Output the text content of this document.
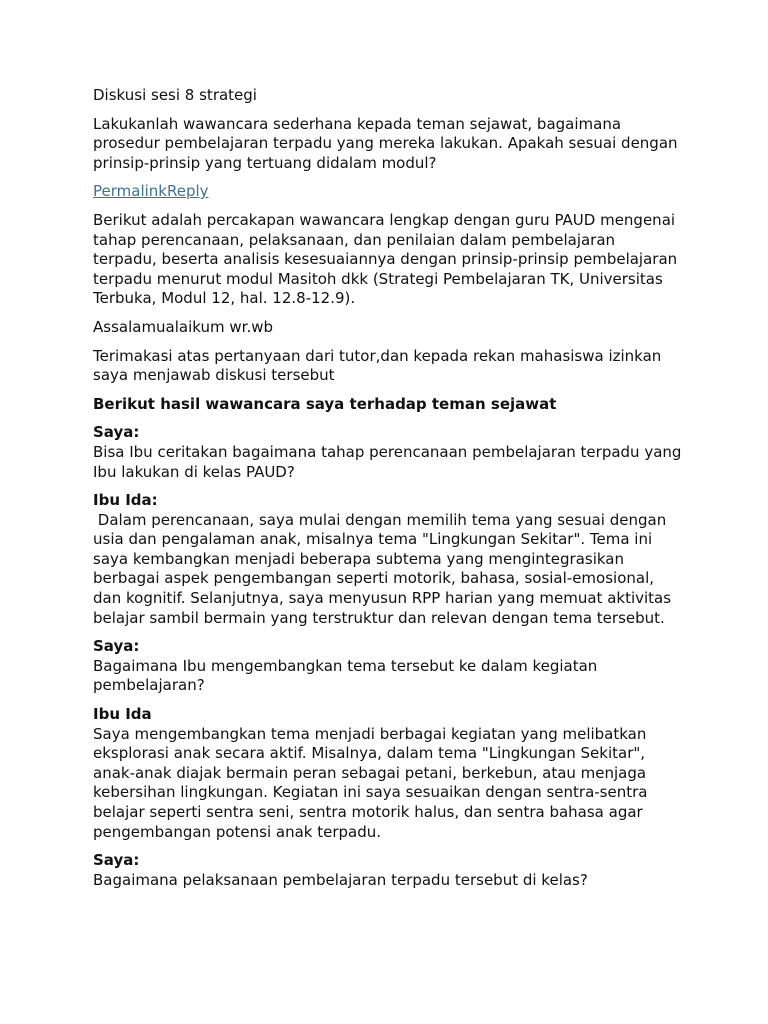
Diskusi sesi 8 strategi

Lakukanlah wawancara sederhana kepada teman sejawat, bagaimana prosedur pembelajaran terpadu yang mereka lakukan. Apakah sesuai dengan prinsip-prinsip yang tertuang didalam modul?

PermalinkReply

Berikut adalah percakapan wawancara lengkap dengan guru PAUD mengenai tahap perencanaan, pelaksanaan, dan penilaian dalam pembelajaran terpadu, beserta analisis kesesuaiannya dengan prinsip-prinsip pembelajaran terpadu menurut modul Masitoh dkk (Strategi Pembelajaran TK, Universitas Terbuka, Modul 12, hal. 12.8-12.9).

Assalamualaikum wr.wb

Terimakasi atas pertanyaan dari tutor,dan kepada rekan mahasiswa izinkan saya menjawab diskusi tersebut

Berikut hasil wawancara saya terhadap teman sejawat

Saya:
Bisa Ibu ceritakan bagaimana tahap perencanaan pembelajaran terpadu yang Ibu lakukan di kelas PAUD?
Ibu Ida:
Dalam perencanaan, saya mulai dengan memilih tema yang sesuai dengan usia dan pengalaman anak, misalnya tema "Lingkungan Sekitar". Tema ini saya kembangkan menjadi beberapa subtema yang mengintegrasikan berbagai aspek pengembangan seperti motorik, bahasa, sosial-emosional, dan kognitif. Selanjutnya, saya menyusun RPP harian yang memuat aktivitas belajar sambil bermain yang terstruktur dan relevan dengan tema tersebut.
Saya:
Bagaimana Ibu mengembangkan tema tersebut ke dalam kegiatan pembelajaran?
Ibu Ida
Saya mengembangkan tema menjadi berbagai kegiatan yang melibatkan eksplorasi anak secara aktif. Misalnya, dalam tema "Lingkungan Sekitar", anak-anak diajak bermain peran sebagai petani, berkebun, atau menjaga kebersihan lingkungan. Kegiatan ini saya sesuaikan dengan sentra-sentra belajar seperti sentra seni, sentra motorik halus, dan sentra bahasa agar pengembangan potensi anak terpadu.
Saya:
Bagaimana pelaksanaan pembelajaran terpadu tersebut di kelas?
